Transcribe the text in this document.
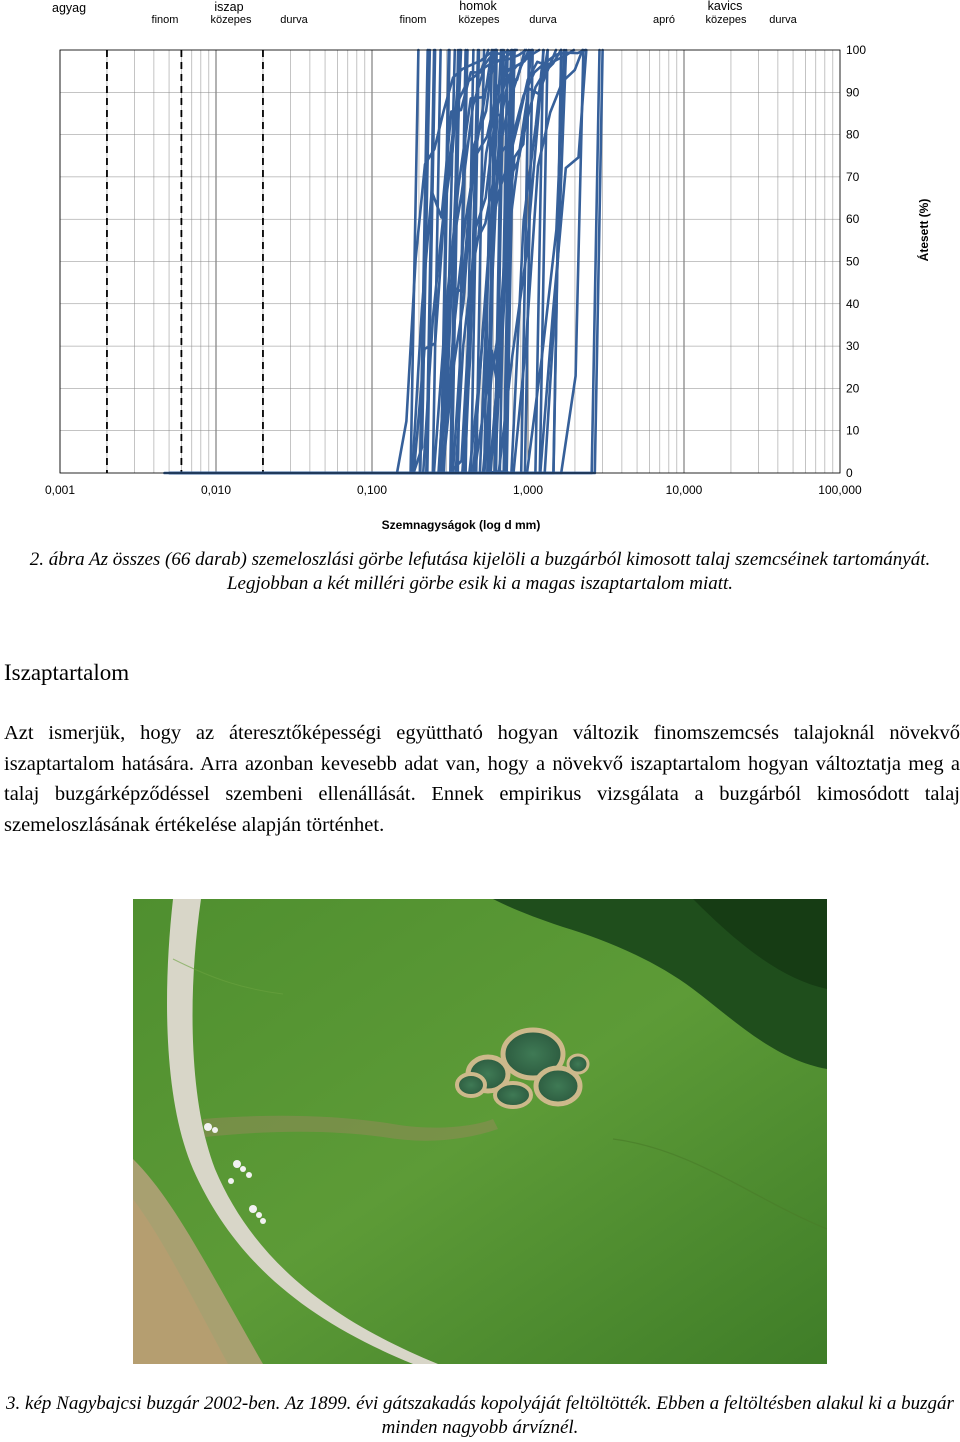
agyag	iszap	homok	kavics
finom	közepes	durva	finom	közepes	durva	apró	közepes durva
0,001	0,010	0,100	1,000	10,000	100,000
0
10
20
30
40
50
60
70
80
90
100
Szemnagyságok (log d mm)
Átesett (%)
2. ábra Az összes (66 darab) szemeloszlási görbe lefutása kijelöli a buzgárból kimosott talaj szemcséinek tartományát. Legjobban a két milléri görbe esik ki a magas iszaptartalom miatt.
Iszaptartalom

Azt ismerjük, hogy az áteresztőképességi együttható hogyan változik finomszemcsés talajoknál növekvő iszaptartalom hatására. Arra azonban kevesebb adat van, hogy a növekvő iszaptartalom hogyan változtatja meg a talaj buzgárképződéssel szembeni ellenállását. Ennek empirikus vizsgálata a buzgárból kimosódott talaj szemeloszlásának értékelése alapján történhet.

3. kép Nagybajcsi buzgár 2002-ben. Az 1899. évi gátszakadás kopolyáját feltöltötték. Ebben a feltöltésben alakul ki a buzgár minden nagyobb árvíznél.
